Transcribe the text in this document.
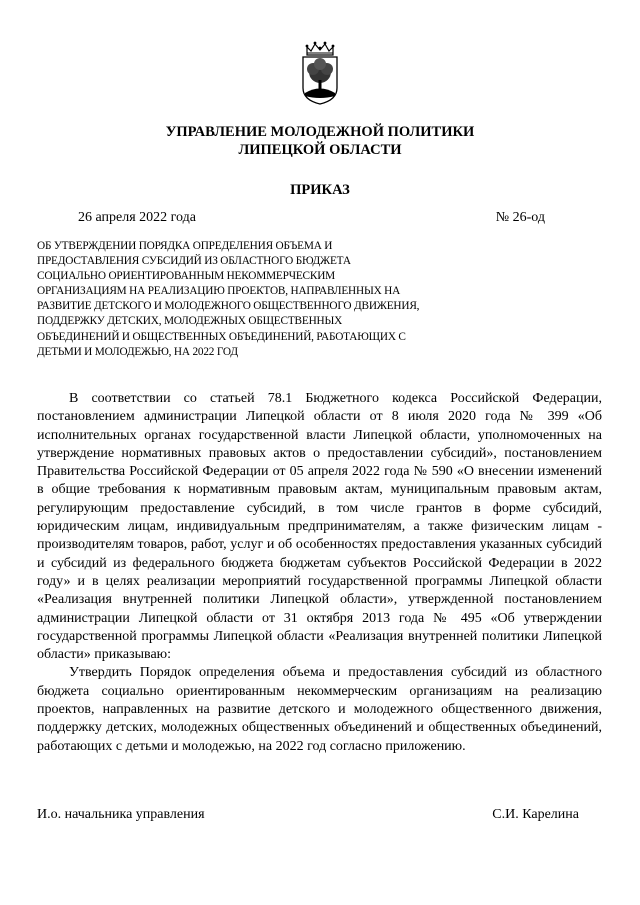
УПРАВЛЕНИЕ МОЛОДЕЖНОЙ ПОЛИТИКИ
ЛИПЕЦКОЙ ОБЛАСТИ
ПРИКАЗ
26 апреля 2022 года	№ 26-од
ОБ УТВЕРЖДЕНИИ ПОРЯДКА ОПРЕДЕЛЕНИЯ ОБЪЕМА И
ПРЕДОСТАВЛЕНИЯ СУБСИДИЙ ИЗ ОБЛАСТНОГО БЮДЖЕТА
СОЦИАЛЬНО ОРИЕНТИРОВАННЫМ НЕКОММЕРЧЕСКИМ
ОРГАНИЗАЦИЯМ НА РЕАЛИЗАЦИЮ ПРОЕКТОВ, НАПРАВЛЕННЫХ НА
РАЗВИТИЕ ДЕТСКОГО И МОЛОДЕЖНОГО ОБЩЕСТВЕННОГО ДВИЖЕНИЯ,
ПОДДЕРЖКУ ДЕТСКИХ, МОЛОДЕЖНЫХ ОБЩЕСТВЕННЫХ
ОБЪЕДИНЕНИЙ И ОБЩЕСТВЕННЫХ ОБЪЕДИНЕНИЙ, РАБОТАЮЩИХ С
ДЕТЬМИ И МОЛОДЕЖЬЮ, НА 2022 ГОД

В соответствии со статьей 78.1 Бюджетного кодекса Российской Федерации, постановлением администрации Липецкой области от 8 июля 2020 года № 399 «Об исполнительных органах государственной власти Липецкой области, уполномоченных на утверждение нормативных правовых актов о предоставлении субсидий», постановлением Правительства Российской Федерации от 05 апреля 2022 года № 590 «О внесении изменений в общие требования к нормативным правовым актам, муниципальным правовым актам, регулирующим предоставление субсидий, в том числе грантов в форме субсидий, юридическим лицам, индивидуальным предпринимателям, а также физическим лицам - производителям товаров, работ, услуг и об особенностях предоставления указанных субсидий и субсидий из федерального бюджета бюджетам субъектов Российской Федерации в 2022 году» и в целях реализации мероприятий государственной программы Липецкой области «Реализация внутренней политики Липецкой области», утвержденной постановлением администрации Липецкой области от 31 октября 2013 года № 495 «Об утверждении государственной программы Липецкой области «Реализация внутренней политики Липецкой области» приказываю:

Утвердить Порядок определения объема и предоставления субсидий из областного бюджета социально ориентированным некоммерческим организациям на реализацию проектов, направленных на развитие детского и молодежного общественного движения, поддержку детских, молодежных общественных объединений и общественных объединений, работающих с детьми и молодежью, на 2022 год согласно приложению.

И.о. начальника управления	С.И. Карелина
